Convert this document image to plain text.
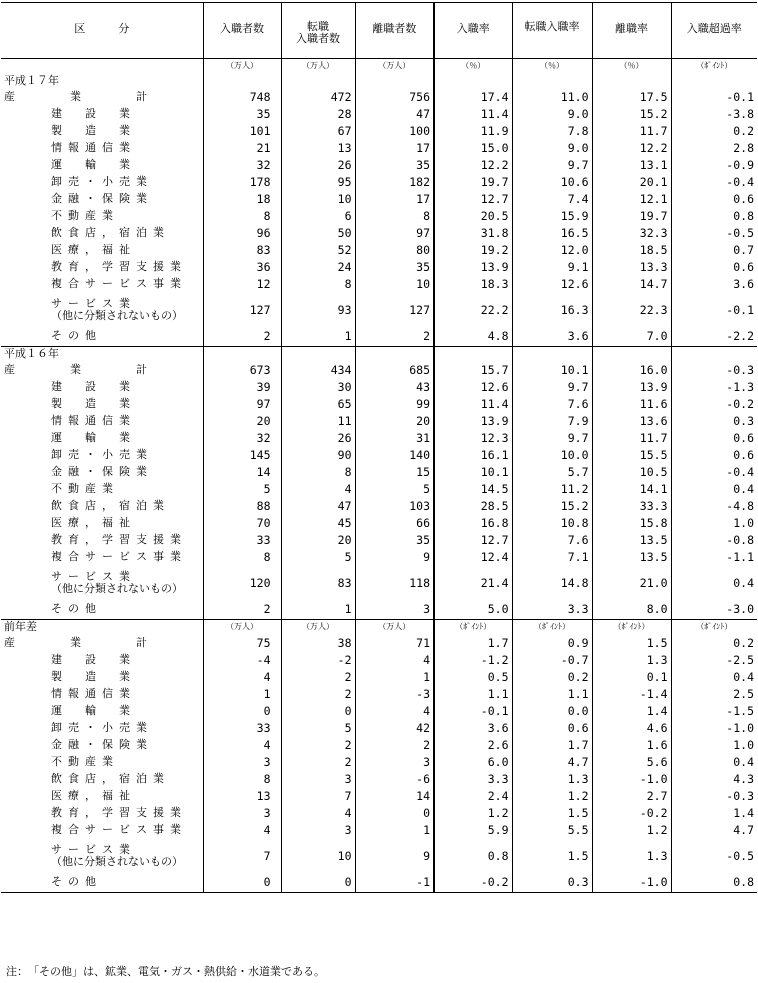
区　　　分	入職者数	転職
入職者数	離職者数	入職率	転職入職率	離職率	入職超過率
	（万人）	（万人）	（万人）	（％）	（％）	（％）	（ﾎﾟｲﾝﾄ）
平成１７年							

産　業　計	748	472	756	17.4	11.0	17.5	-0.1

建　設　業	35	28	47	11.4	9.0	15.2	-3.8

製　造　業	101	67	100	11.9	7.8	11.7	0.2

情報通信業	21	13	17	15.0	9.0	12.2	2.8

運　輸　業	32	26	35	12.2	9.7	13.1	-0.9

卸売・小売業	178	95	182	19.7	10.6	20.1	-0.4

金融・保険業	18	10	17	12.7	7.4	12.1	0.6

不動産業	8	6	8	20.5	15.9	19.7	0.8

飲食店，宿泊業	96	50	97	31.8	16.5	32.3	-0.5

医療，福祉	83	52	80	19.2	12.0	18.5	0.7

教育，学習支援業	36	24	35	13.9	9.1	13.3	0.6

複合サービス事業	12	8	10	18.3	12.6	14.7	3.6

サービス業
（他に分類されないもの）	127	93	127	22.2	16.3	22.3	-0.1

その他	2	1	2	4.8	3.6	7.0	-2.2
平成１６年							

産　業　計	673	434	685	15.7	10.1	16.0	-0.3

建　設　業	39	30	43	12.6	9.7	13.9	-1.3

製　造　業	97	65	99	11.4	7.6	11.6	-0.2

情報通信業	20	11	20	13.9	7.9	13.6	0.3

運　輸　業	32	26	31	12.3	9.7	11.7	0.6

卸売・小売業	145	90	140	16.1	10.0	15.5	0.6

金融・保険業	14	8	15	10.1	5.7	10.5	-0.4

不動産業	5	4	5	14.5	11.2	14.1	0.4

飲食店，宿泊業	88	47	103	28.5	15.2	33.3	-4.8

医療，福祉	70	45	66	16.8	10.8	15.8	1.0

教育，学習支援業	33	20	35	12.7	7.6	13.5	-0.8

複合サービス事業	8	5	9	12.4	7.1	13.5	-1.1

サービス業
（他に分類されないもの）	120	83	118	21.4	14.8	21.0	0.4

その他	2	1	3	5.0	3.3	8.0	-3.0
前年差	（万人）	（万人）	（万人）	（ﾎﾟｲﾝﾄ）	（ﾎﾟｲﾝﾄ）	（ﾎﾟｲﾝﾄ）	（ﾎﾟｲﾝﾄ）

産　業　計	75	38	71	1.7	0.9	1.5	0.2

建　設　業	-4	-2	4	-1.2	-0.7	1.3	-2.5

製　造　業	4	2	1	0.5	0.2	0.1	0.4

情報通信業	1	2	-3	1.1	1.1	-1.4	2.5

運　輸　業	0	0	4	-0.1	0.0	1.4	-1.5

卸売・小売業	33	5	42	3.6	0.6	4.6	-1.0

金融・保険業	4	2	2	2.6	1.7	1.6	1.0

不動産業	3	2	3	6.0	4.7	5.6	0.4

飲食店，宿泊業	8	3	-6	3.3	1.3	-1.0	4.3

医療，福祉	13	7	14	2.4	1.2	2.7	-0.3

教育，学習支援業	3	4	0	1.2	1.5	-0.2	1.4

複合サービス事業	4	3	1	5.9	5.5	1.2	4.7

サービス業
（他に分類されないもの）	7	10	9	0.8	1.5	1.3	-0.5

その他	0	0	-1	-0.2	0.3	-1.0	0.8
注：　「その他」は、鉱業、電気・ガス・熱供給・水道業である。
